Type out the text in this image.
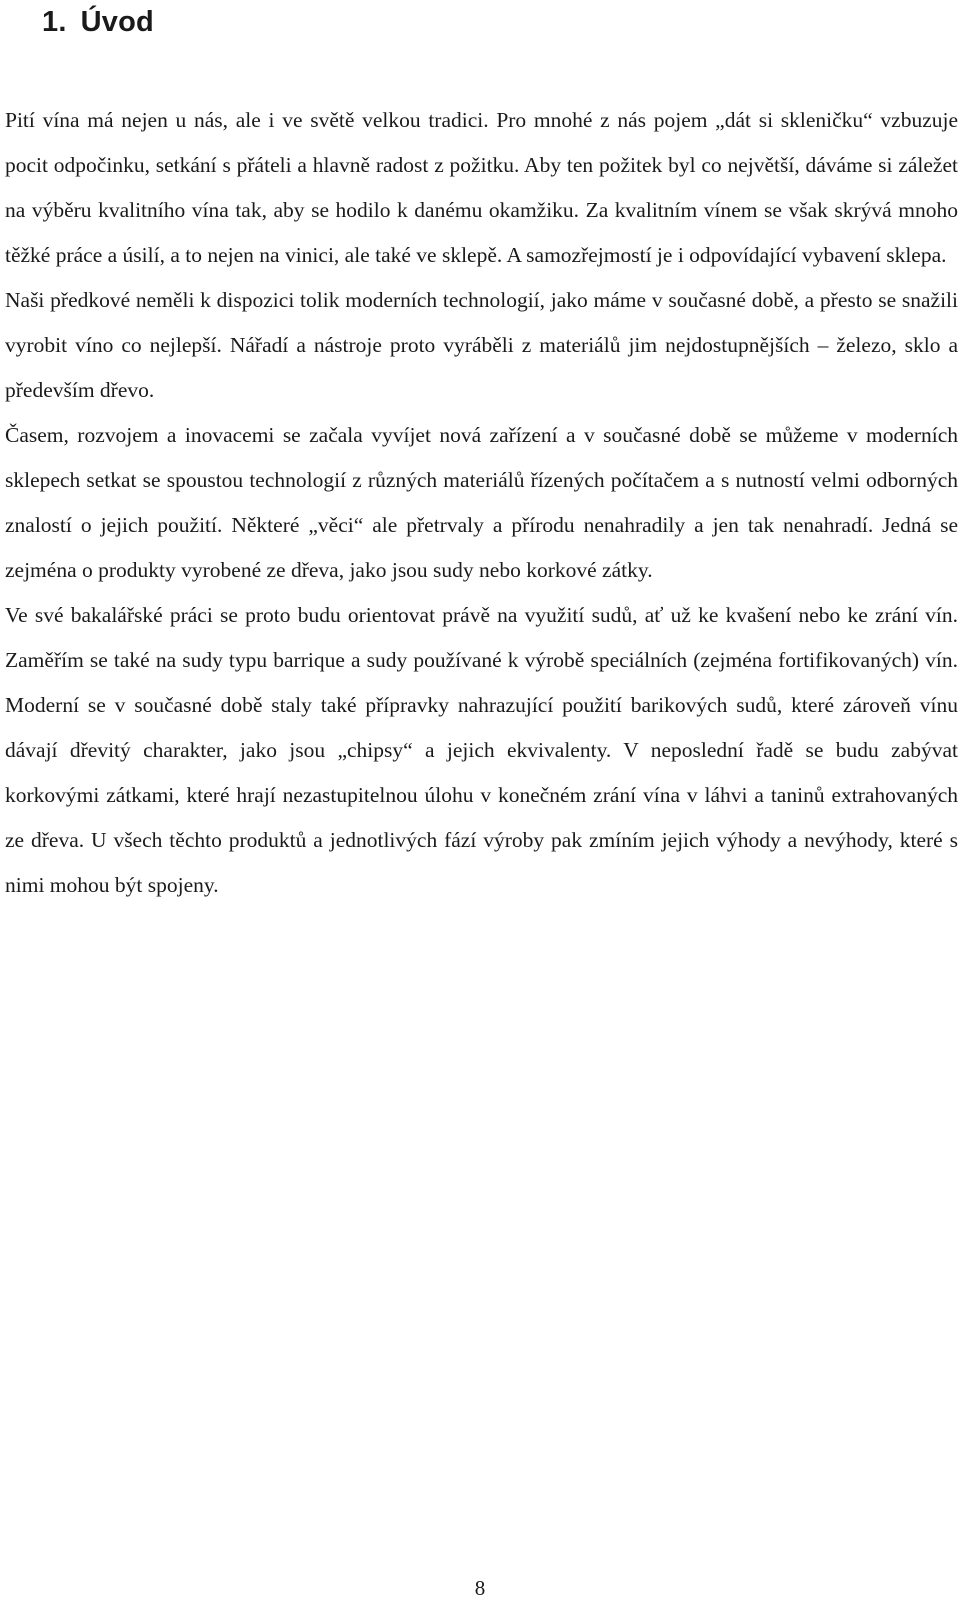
1. Úvod

Pití vína má nejen u nás, ale i ve světě velkou tradici. Pro mnohé z nás pojem „dát si skleničku“ vzbuzuje pocit odpočinku, setkání s přáteli a hlavně radost z požitku. Aby ten požitek byl co největší, dáváme si záležet na výběru kvalitního vína tak, aby se hodilo k danému okamžiku. Za kvalitním vínem se však skrývá mnoho těžké práce a úsilí, a to nejen na vinici, ale také ve sklepě. A samozřejmostí je i odpovídající vybavení sklepa.

Naši předkové neměli k dispozici tolik moderních technologií, jako máme v současné době, a přesto se snažili vyrobit víno co nejlepší. Nářadí a nástroje proto vyráběli z materiálů jim nejdostupnějších – železo, sklo a především dřevo.

Časem, rozvojem a inovacemi se začala vyvíjet nová zařízení a v současné době se můžeme v moderních sklepech setkat se spoustou technologií z různých materiálů řízených počítačem a s nutností velmi odborných znalostí o jejich použití. Některé „věci“ ale přetrvaly a přírodu nenahradily a jen tak nenahradí. Jedná se zejména o produkty vyrobené ze dřeva, jako jsou sudy nebo korkové zátky.

Ve své bakalářské práci se proto budu orientovat právě na využití sudů, ať už ke kvašení nebo ke zrání vín. Zaměřím se také na sudy typu barrique a sudy používané k výrobě speciálních (zejména fortifikovaných) vín. Moderní se v současné době staly také přípravky nahrazující použití barikových sudů, které zároveň vínu dávají dřevitý charakter, jako jsou „chipsy“ a jejich ekvivalenty. V neposlední řadě se budu zabývat korkovými zátkami, které hrají nezastupitelnou úlohu v konečném zrání vína v láhvi a taninů extrahovaných ze dřeva. U všech těchto produktů a jednotlivých fází výroby pak zmíním jejich výhody a nevýhody, které s nimi mohou být spojeny.

8
